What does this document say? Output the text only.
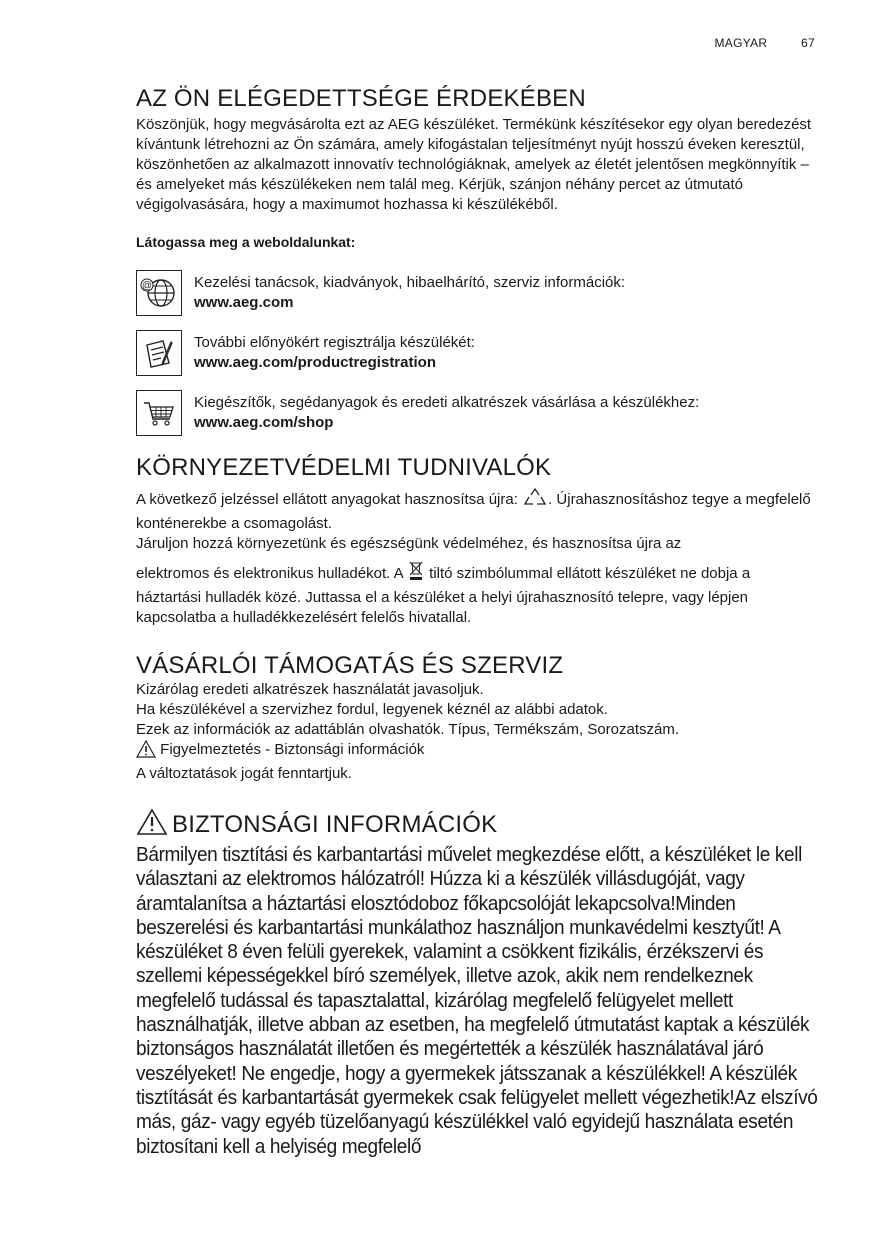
MAGYAR	67
AZ ÖN ELÉGEDETTSÉGE ÉRDEKÉBEN

Köszönjük, hogy megvásárolta ezt az AEG készüléket. Termékünk készítésekor egy olyan beredezést kívántunk létrehozni az Ön számára, amely kifogástalan teljesítményt nyújt hosszú éveken keresztül, köszönhetően az alkalmazott innovatív technológiáknak, amelyek az életét jelentősen megkönnyítik – és amelyeket más készülékeken nem talál meg. Kérjük, szánjon néhány percet az útmutató végigolvasására, hogy a maximumot hozhassa ki készülékéből.

Látogassa meg a weboldalunkat:

@	Kezelési tanácsok, kiadványok, hibaelhárító, szerviz információk:

www.aeg.com

További előnyökért regisztrálja készülékét:

www.aeg.com/productregistration

Kiegészítők, segédanyagok és eredeti alkatrészek vásárlása a készülékhez:

www.aeg.com/shop

KÖRNYEZETVÉDELMI TUDNIVALÓK

A következő jelzéssel ellátott anyagokat hasznosítsa újra: . Újrahasznosításhoz tegye a megfelelő konténerekbe a csomagolást.

Járuljon hozzá környezetünk és egészségünk védelméhez, és hasznosítsa újra az

elektromos és elektronikus hulladékot. A tiltó szimbólummal ellátott készüléket ne dobja a háztartási hulladék közé. Juttassa el a készüléket a helyi újrahasznosító telepre, vagy lépjen kapcsolatba a hulladékkezelésért felelős hivatallal.

VÁSÁRLÓI TÁMOGATÁS ÉS SZERVIZ

Kizárólag eredeti alkatrészek használatát javasoljuk.

Ha készülékével a szervizhez fordul, legyenek kéznél az alábbi adatok.

Ezek az információk az adattáblán olvashatók. Típus, Termékszám, Sorozatszám.

Figyelmeztetés - Biztonsági információk

A változtatások jogát fenntartjuk.

BIZTONSÁGI INFORMÁCIÓK

Bármilyen tisztítási és karbantartási művelet megkezdése előtt, a készüléket le kell választani az elektromos hálózatról! Húzza ki a készülék villásdugóját, vagy áramtalanítsa a háztartási elosztódoboz főkapcsolóját lekapcsolva!Minden beszerelési és karbantartási munkálathoz használjon munkavédelmi kesztyűt! A készüléket 8 éven felüli gyerekek, valamint a csökkent fizikális, érzékszervi és szellemi képességekkel bíró személyek, illetve azok, akik nem rendelkeznek megfelelő tudással és tapasztalattal, kizárólag megfelelő felügyelet mellett használhatják, illetve abban az esetben, ha megfelelő útmutatást kaptak a készülék biztonságos használatát illetően és megértették a készülék használatával járó veszélyeket! Ne engedje, hogy a gyermekek játsszanak a készülékkel! A készülék tisztítását és karbantartását gyermekek csak felügyelet mellett végezhetik!Az elszívó más, gáz- vagy egyéb tüzelőanyagú készülékkel való egyidejű használata esetén biztosítani kell a helyiség megfelelő
